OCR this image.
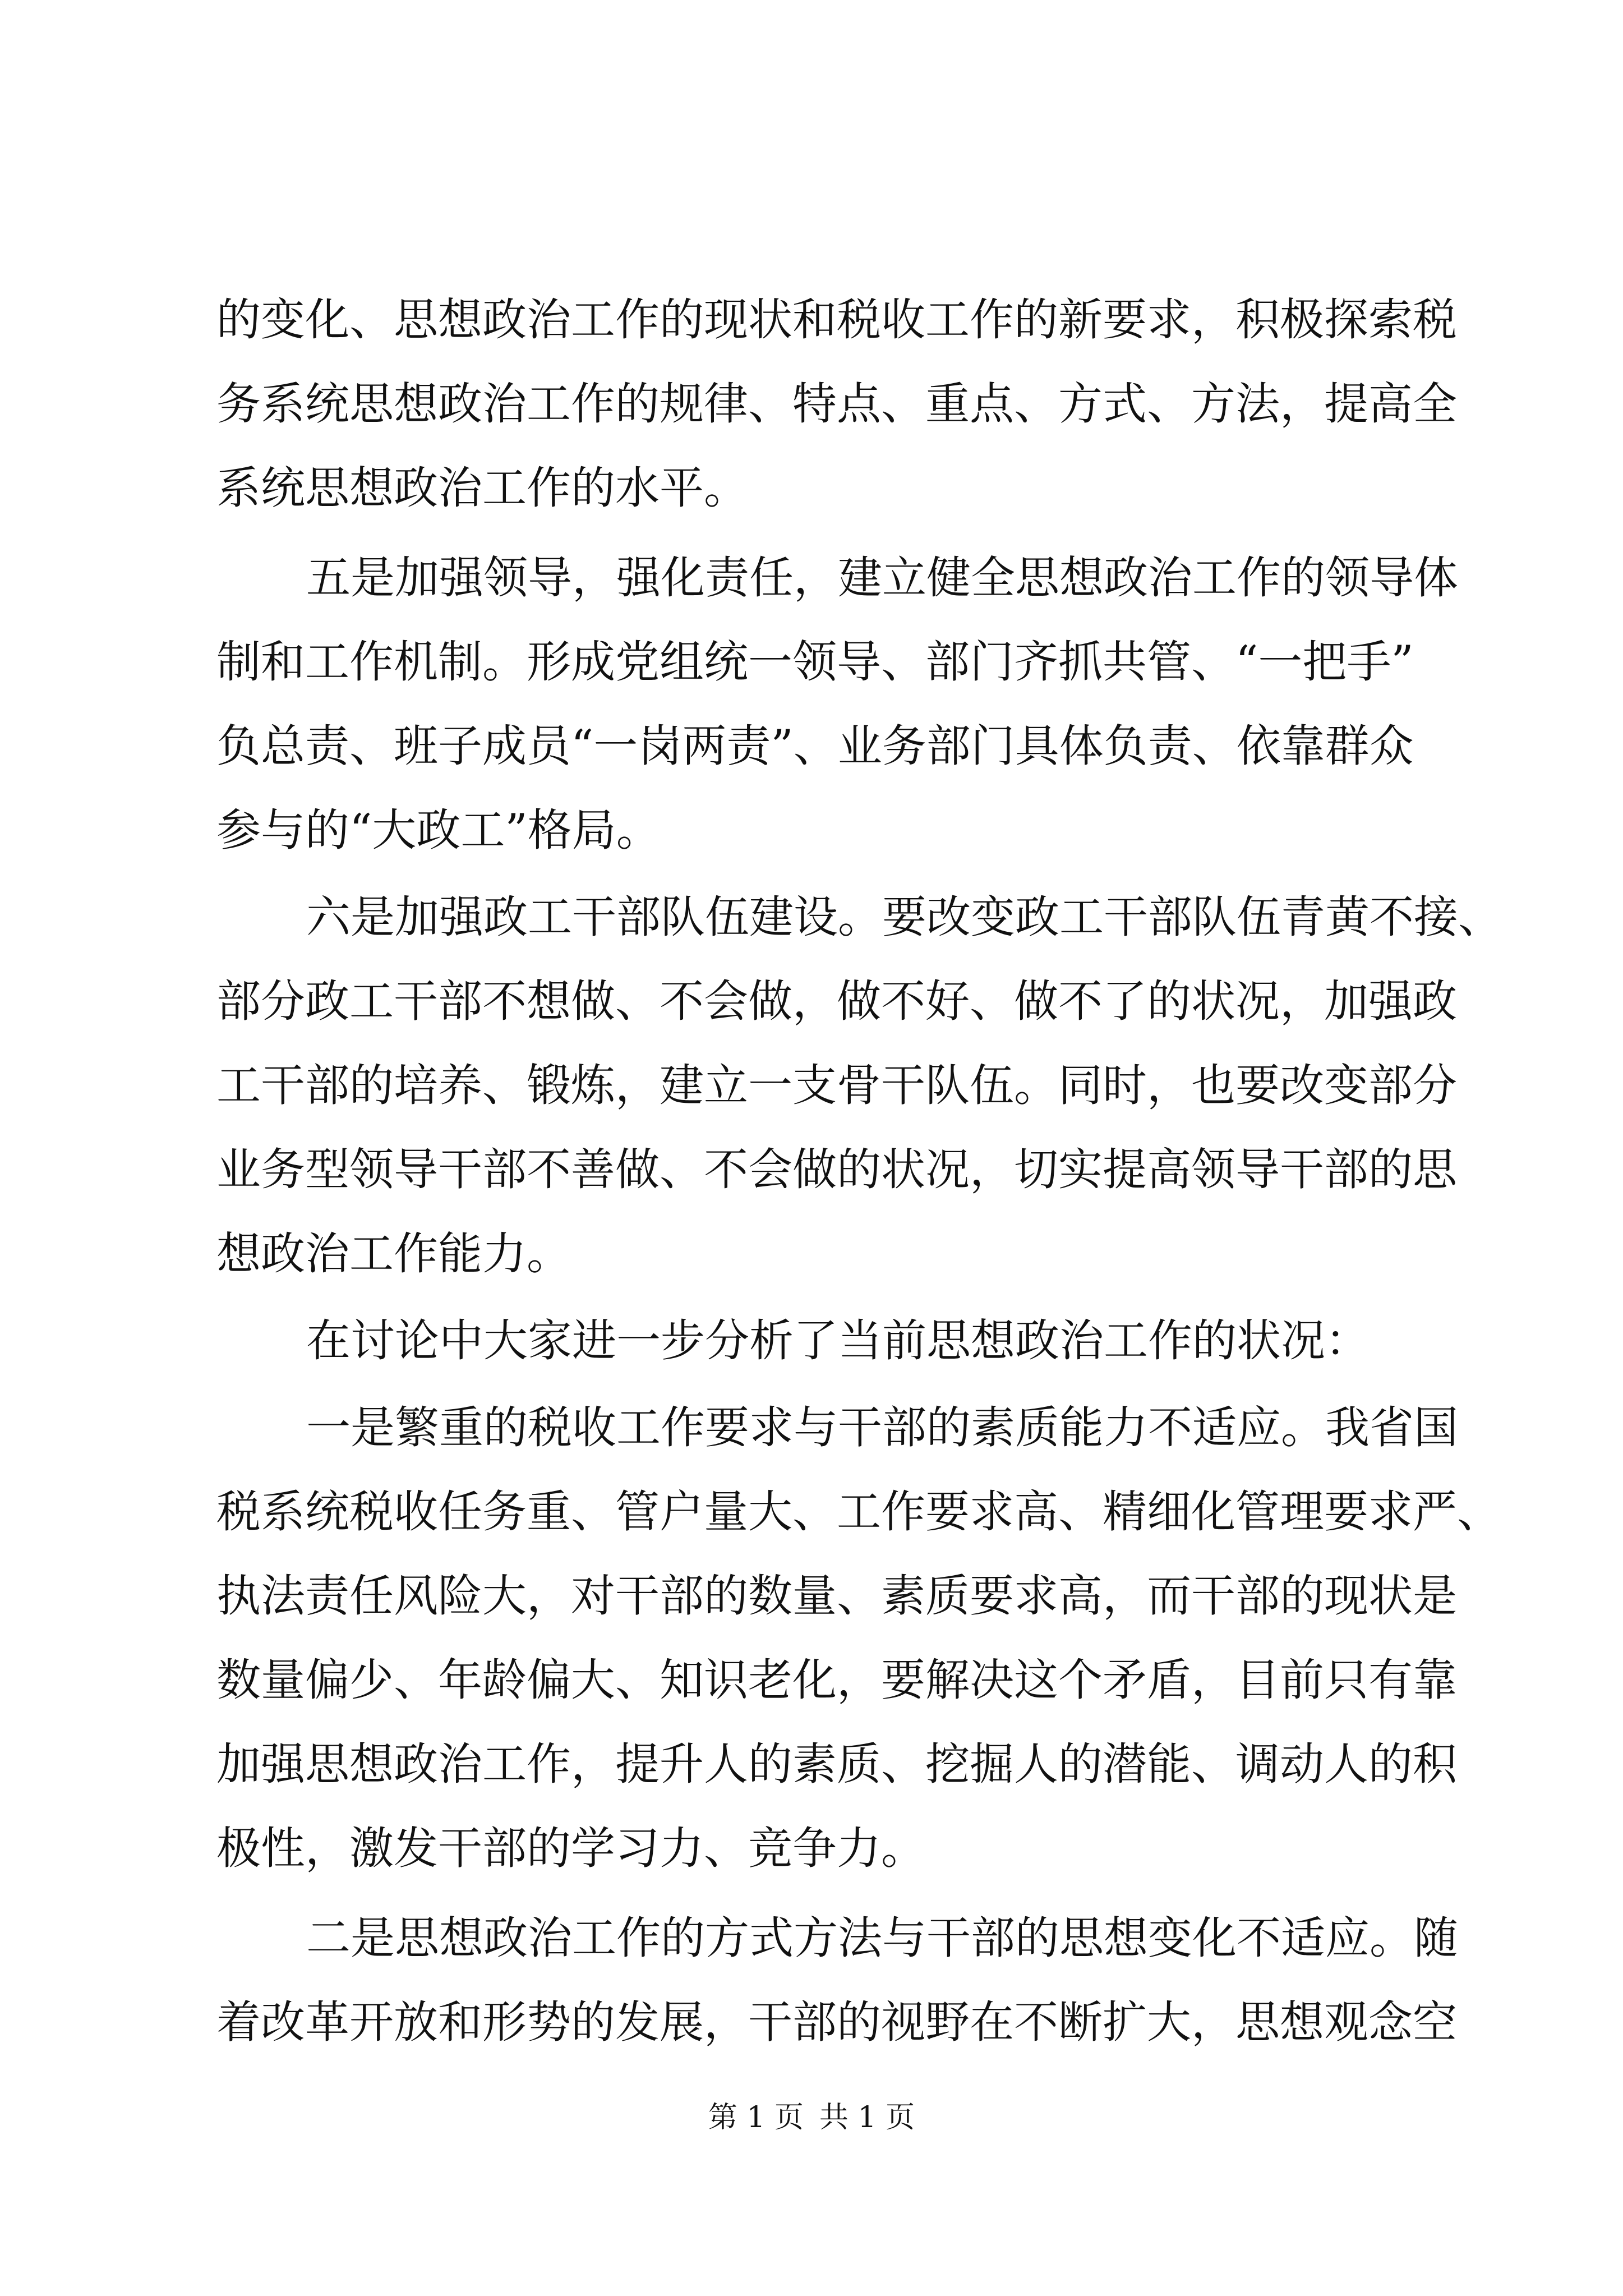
的变化、思想政治工作的现状和税收工作的新要求，积极探索税
务系统思想政治工作的规律、特点、重点、方式、方法，提高全
系统思想政治工作的水平。
五是加强领导，强化责任，建立健全思想政治工作的领导体
制和工作机制。形成党组统一领导、部门齐抓共管、“一把手”
负总责、班子成员“一岗两责”、业务部门具体负责、依靠群众
参与的“大政工”格局。
六是加强政工干部队伍建设。要改变政工干部队伍青黄不接、
部分政工干部不想做、不会做，做不好、做不了的状况，加强政
工干部的培养、锻炼，建立一支骨干队伍。同时，也要改变部分
业务型领导干部不善做、不会做的状况，切实提高领导干部的思
想政治工作能力。
在讨论中大家进一步分析了当前思想政治工作的状况：
一是繁重的税收工作要求与干部的素质能力不适应。我省国
税系统税收任务重、管户量大、工作要求高、精细化管理要求严、
执法责任风险大，对干部的数量、素质要求高，而干部的现状是
数量偏少、年龄偏大、知识老化，要解决这个矛盾，目前只有靠
加强思想政治工作，提升人的素质、挖掘人的潜能、调动人的积
极性，激发干部的学习力、竞争力。
二是思想政治工作的方式方法与干部的思想变化不适应。随
着改革开放和形势的发展，干部的视野在不断扩大，思想观念空
第 1 页 共 1 页
